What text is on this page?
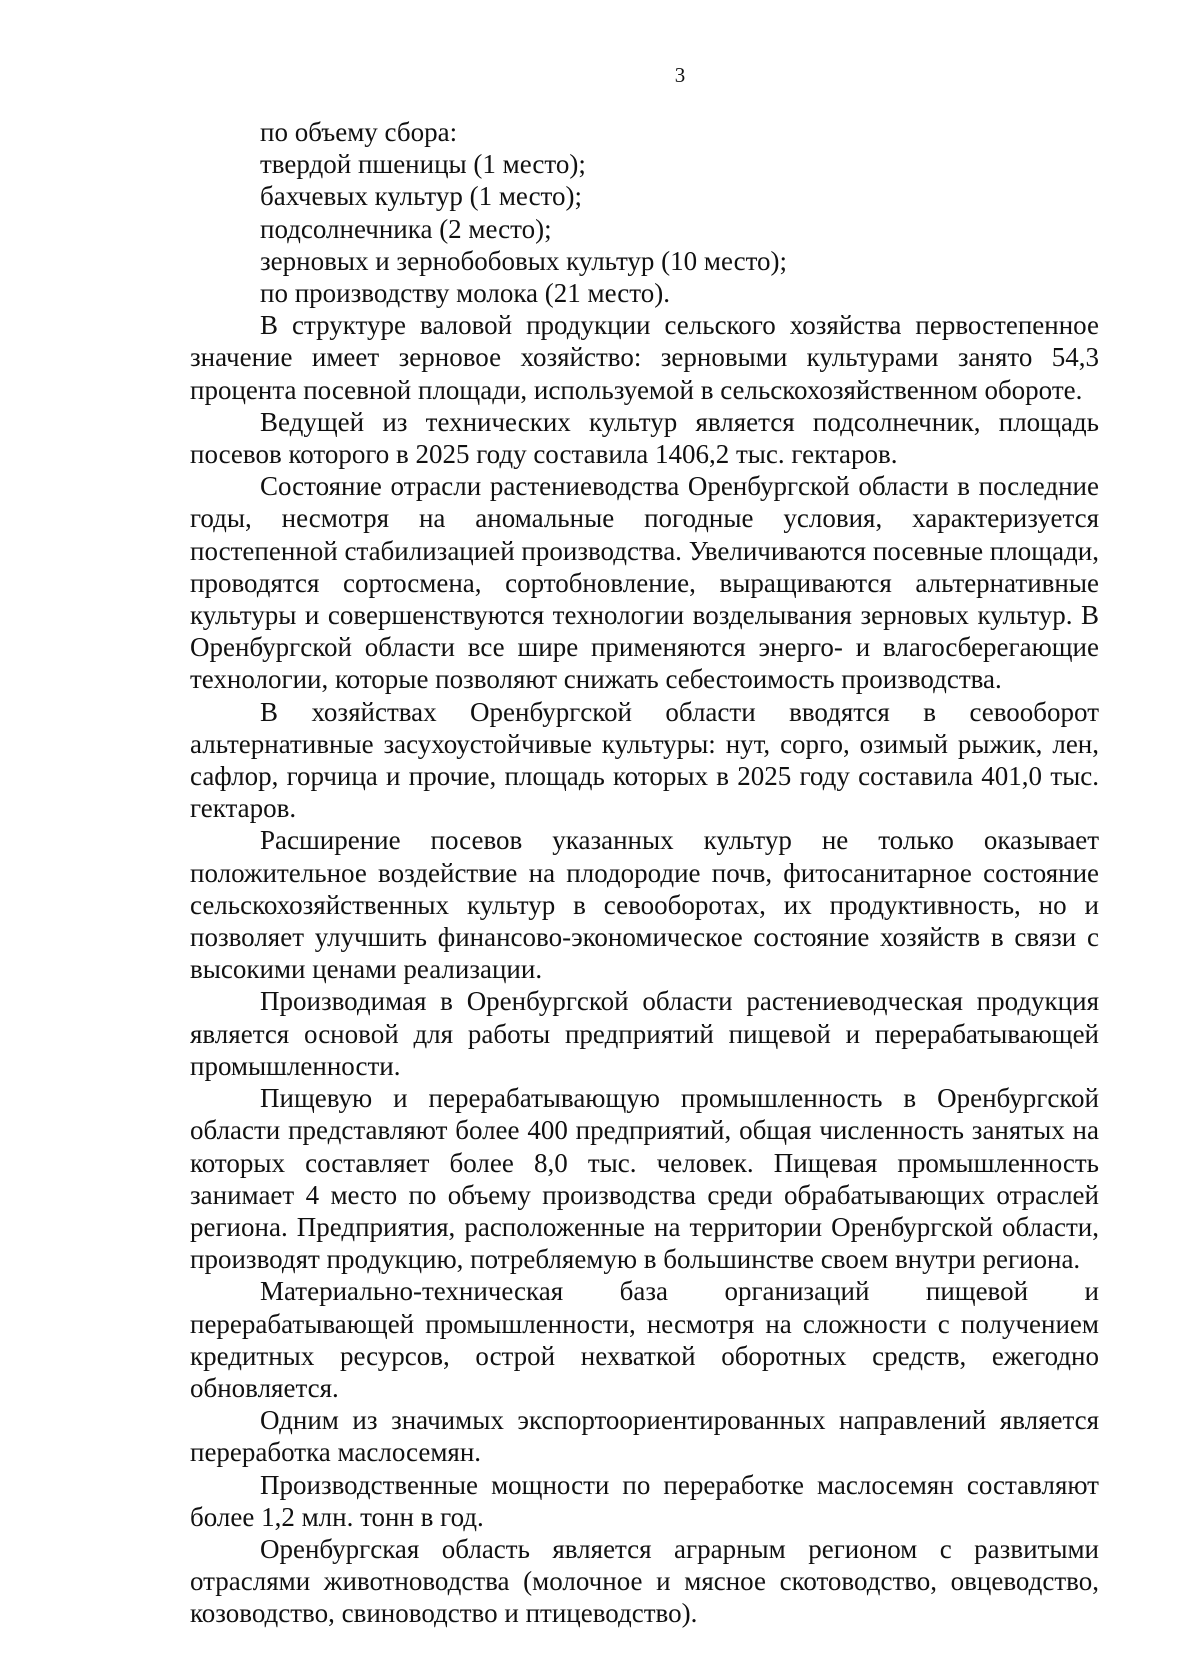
3

по объему сбора:

твердой пшеницы (1 место);

бахчевых культур (1 место);

подсолнечника (2 место);

зерновых и зернобобовых культур (10 место);

по производству молока (21 место).

В структуре валовой продукции сельского хозяйства первостепенное значение имеет зерновое хозяйство: зерновыми культурами занято 54,3 процента посевной площади, используемой в сельскохозяйственном обороте.

Ведущей из технических культур является подсолнечник, площадь посевов которого в 2025 году составила 1406,2 тыс. гектаров.

Состояние отрасли растениеводства Оренбургской области в последние годы, несмотря на аномальные погодные условия, характеризуется постепенной стабилизацией производства. Увеличиваются посевные площади, проводятся сортосмена, сортобновление, выращиваются альтернативные культуры и совершенствуются технологии возделывания зерновых культур. В Оренбургской области все шире применяются энерго- и влагосберегающие технологии, которые позволяют снижать себестоимость производства.

В хозяйствах Оренбургской области вводятся в севооборот альтернативные засухоустойчивые культуры: нут, сорго, озимый рыжик, лен, сафлор, горчица и прочие, площадь которых в 2025 году составила 401,0 тыс. гектаров.

Расширение посевов указанных культур не только оказывает положительное воздействие на плодородие почв, фитосанитарное состояние сельскохозяйственных культур в севооборотах, их продуктивность, но и позволяет улучшить финансово-экономическое состояние хозяйств в связи с высокими ценами реализации.

Производимая в Оренбургской области растениеводческая продукция является основой для работы предприятий пищевой и перерабатывающей промышленности.

Пищевую и перерабатывающую промышленность в Оренбургской области представляют более 400 предприятий, общая численность занятых на которых составляет более 8,0 тыс. человек. Пищевая промышленность занимает 4 место по объему производства среди обрабатывающих отраслей региона. Предприятия, расположенные на территории Оренбургской области, производят продукцию, потребляемую в большинстве своем внутри региона.

Материально-техническая база организаций пищевой и перерабатывающей промышленности, несмотря на сложности с получением кредитных ресурсов, острой нехваткой оборотных средств, ежегодно обновляется.

Одним из значимых экспортоориентированных направлений является переработка маслосемян.

Производственные мощности по переработке маслосемян составляют более 1,2 млн. тонн в год.

Оренбургская область является аграрным регионом с развитыми отраслями животноводства (молочное и мясное скотоводство, овцеводство, козоводство, свиноводство и птицеводство).
